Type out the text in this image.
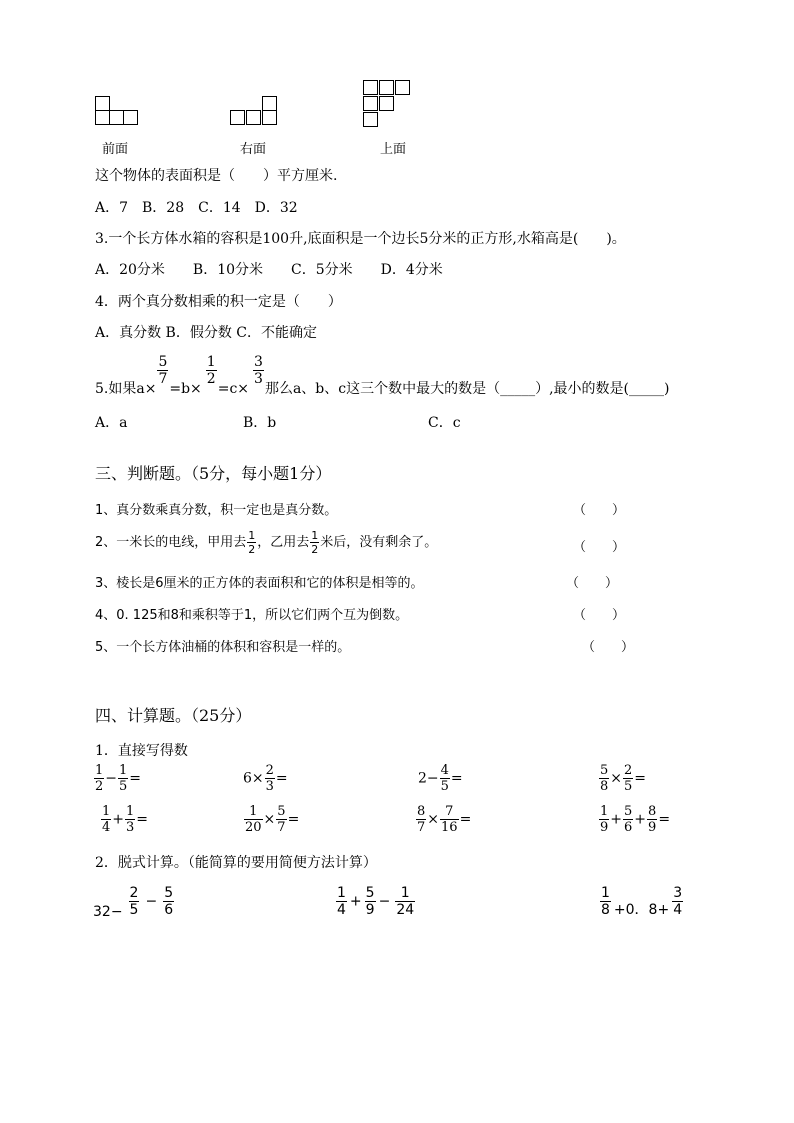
前面	右面	上面
这个物体的表面积是（　　）平方厘米.
A．7　B．28　C．14　D．32
3.一个长方体水箱的容积是100升,底面积是一个边长5分米的正方形,水箱高是(　　)。
A．20分米　　B．10分米　　C．5分米　　D．4分米
4．两个真分数相乘的积一定是（　　）
A．真分数 B．假分数 C．不能确定
5.如果a×
$\frac{5}{7}$
=b×
$\frac{1}{2}$
=c×
$\frac{3}{3}$
那么a、b、c这三个数中最大的数是（_____）,最小的数是(_____)
A．a	B．b	C．c
三、判断题。（5分，每小题1分）
1、真分数乘真分数，积一定也是真分数。	（　　）
2、一米长的电线，甲用去 $\frac{1}{2}$ ，乙用去 $\frac{1}{2}$ 米后，没有剩余了。	（　　）
3、棱长是6厘米的正方体的表面积和它的体积是相等的。	（　　）
4、0. 125和8和乘积等于1，所以它们两个互为倒数。	（　　）
5、一个长方体油桶的体积和容积是一样的。	（　　）
四、计算题。（25分）
1．直接写得数
$\frac{1}{2} - \frac{1}{5}$ =	$6\times \frac{2}{3}$ =	$2- \frac{4}{5}$ =	$\frac{5}{8} \times \frac{2}{5}$ =
$\frac{1}{4} + \frac{1}{3}$ =	$\frac{1}{20} \times \frac{5}{7}$ =	$\frac{8}{7} \times \frac{7}{16}$ =	$\frac{1}{9} + \frac{5}{6} + \frac{8}{9}$ =
2．脱式计算。（能简算的要用简便方法计算）
$32- \frac{2}{5} - \frac{5}{6}$	$\frac{1}{4} + \frac{5}{9} - \frac{1}{24}$	$\frac{1}{8} +0$．$8+ \frac{3}{4}$
